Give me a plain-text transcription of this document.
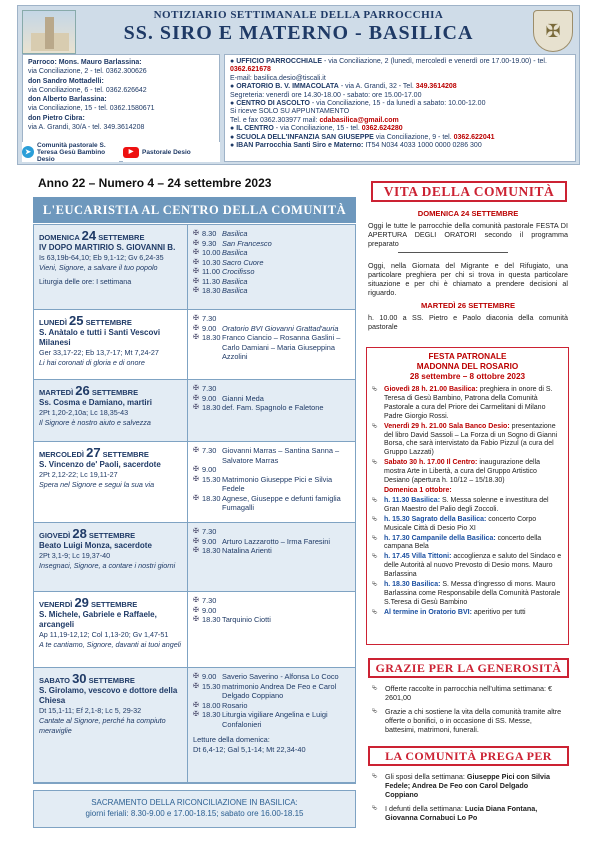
NOTIZIARIO SETTIMANALE DELLA PARROCCHIA
SS. SIRO E MATERNO - BASILICA	✠
Parroco: Mons. Mauro Barlassina:
via Conciliazione, 2 - tel. 0362.300626
don Sandro Mottadelli:
via Conciliazione, 6 - tel. 0362.626642
don Alberto Barlassina:
via Conciliazione, 15 - tel. 0362.1580671
don Pietro Cibra:
via A. Grandi, 30/A - tel. 349.3614208

● UFFICIO PARROCCHIALE - via Conciliazione, 2 (lunedì, mercoledì e venerdì ore 17.00-19.00) - tel. 0362.621678

E-mail: basilica.desio@tiscali.it

● ORATORIO B. V. IMMACOLATA - via A. Grandi, 32 - Tel. 349.3614208

Segreteria: venerdì ore 14.30-18.00 - sabato: ore 15.00-17.00

● CENTRO DI ASCOLTO - via Conciliazione, 15 - da lunedì a sabato: 10.00-12.00

Si riceve SOLO SU APPUNTAMENTO

Tel. e fax 0362.303977 mail: cdabasilica@gmail.com

● IL CENTRO - via Conciliazione, 15 - tel. 0362.624280

● SCUOLA DELL'INFANZIA SAN GIUSEPPE via Conciliazione, 9 - tel. 0362.622041

● IBAN Parrocchia Santi Siro e Materno: IT54 N034 4033 1000 0000 0286 300

➤
Comunità pastorale S. Teresa Gesù Bambino Desio
▶	Pastorale Desio
Anno 22 – Numero 4 – 24 settembre 2023
L'EUCARISTIA AL CENTRO DELLA COMUNITÀ
DOMENICA 24 SETTEMBRE
IV DOPO MARTIRIO S. GIOVANNI B.
Is 63,19b-64,10; Eb 9,1-12; Gv 6,24-35
Vieni, Signore, a salvare il tuo popolo
Liturgia delle ore: I settimana
✠ 8.30 Basilica
✠ 9.30 San Francesco
✠ 10.00 Basilica
✠ 10.30 Sacro Cuore
✠ 11.00 Crocifisso
✠ 11.30 Basilica
✠ 18.30 Basilica
LUNEDÌ 25 SETTEMBRE
S. Anàtalo e tutti i Santi Vescovi Milanesi
Ger 33,17-22; Eb 13,7-17; Mt 7,24-27
Li hai coronati di gloria e di onore
✠ 7.30
✠ 9.00 Oratorio BVI Giovanni Grattad'auria
✠ 18.30 Franco Ciancio – Rosanna Gaslini – Carlo Damiani – Maria Giuseppina Azzolini
MARTEDÌ 26 SETTEMBRE
Ss. Cosma e Damiano, martiri
2Pt 1,20-2,10a; Lc 18,35-43
Il Signore è nostro aiuto e salvezza
✠ 7.30
✠ 9.00 Gianni Meda
✠ 18.30 def. Fam. Spagnolo e Faletone
MERCOLEDÌ 27 SETTEMBRE
S. Vincenzo de' Paoli, sacerdote
2Pt 2,12-22; Lc 19,11-27
Spera nel Signore e segui la sua via
✠ 7.30 Giovanni Marras – Santina Sanna – Salvatore Marras
✠ 9.00
✠ 15.30 Matrimonio Giuseppe Pici e Silvia Fedele
✠ 18.30 Agnese, Giuseppe e defunti famiglia Fumagalli
GIOVEDÌ 28 SETTEMBRE
Beato Luigi Monza, sacerdote
2Pt 3,1-9; Lc 19,37-40
Insegnaci, Signore, a contare i nostri giorni
✠ 7.30
✠ 9.00 Arturo Lazzarotto – Irma Faresini
✠ 18.30 Natalina Arienti
VENERDÌ 29 SETTEMBRE
S. Michele, Gabriele e Raffaele, arcangeli
Ap 11,19-12,12; Col 1,13-20; Gv 1,47-51
A te cantiamo, Signore, davanti ai tuoi angeli
✠ 7.30
✠ 9.00
✠ 18.30 Tarquinio Ciotti
SABATO 30 SETTEMBRE
S. Girolamo, vescovo e dottore della Chiesa
Dt 15,1-11; Ef 2,1-8; Lc 5, 29-32
Cantate al Signore, perché ha compiuto meraviglie
✠ 9.00 Saverio Saverino - Alfonsa Lo Coco
✠ 15.30 matrimonio Andrea De Feo e Carol Delgado Coppiano
✠ 18.00 Rosario
✠ 18.30 Liturgia vigiliare Angelina e Luigi Confalonieri
Letture della domenica:
Dt 6,4-12; Gal 5,1-14; Mt 22,34-40
SACRAMENTO DELLA RICONCILIAZIONE IN BASILICA:
giorni feriali: 8.30-9.00 e 17.00-18.15; sabato ore 16.00-18.15
VITA DELLA COMUNITÀ
DOMENICA 24 SETTEMBRE

Oggi le tutte le parrocchie della comunità pastorale FESTA DI APERTURA DEGLI ORATORI secondo il programma preparato

Oggi, nella Giornata del Migrante e del Rifugiato, una particolare preghiera per chi si trova in questa particolare situazione e per chi è chiamato a prendere decisioni al riguardo.

MARTEDÌ 26 SETTEMBRE

h. 10.00 a SS. Pietro e Paolo diaconia della comunità pastorale

FESTA PATRONALE
MADONNA DEL ROSARIO
28 settembre – 8 ottobre 2023
⮱ Giovedì 28 h. 21.00 Basilica: preghiera in onore di S. Teresa di Gesù Bambino, Patrona della Comunità Pastorale a cura del Priore dei Carmelitani di Milano Padre Giorgio Rossi.
⮱ Venerdì 29 h. 21.00 Sala Banco Desio: presentazione del libro David Sassoli – La Forza di un Sogno di Gianni Borsa, che sarà intervistato da Fabio Pizzul (a cura del Gruppo Lazzati)
⮱ Sabato 30 h. 17.00 Il Centro: inaugurazione della mostra Arte in Libertà, a cura del Gruppo Artistico Desiano (apertura h. 10/12 – 15/18.30)
Domenica 1 ottobre:
⮱ h. 11.30 Basilica: S. Messa solenne e investitura del Gran Maestro del Palio degli Zoccoli.
⮱ h. 15.30 Sagrato della Basilica: concerto Corpo Musicale Città di Desio Pio XI
⮱ h. 17.30 Campanile della Basilica: concerto della campana Bela
⮱ h. 17.45 Villa Tittoni: accoglienza e saluto del Sindaco e delle Autorità al nuovo Prevosto di Desio mons. Mauro Barlassina
⮱ h. 18.30 Basilica: S. Messa d'ingresso di mons. Mauro Barlassina come Responsabile della Comunità Pastorale S.Teresa di Gesù Bambino
⮱ Al termine in Oratorio BVI: aperitivo per tutti
GRAZIE PER LA GENEROSITÀ
⮱ Offerte raccolte in parrocchia nell'ultima settimana: € 2601,00
⮱ Grazie a chi sostiene la vita della comunità tramite altre offerte o bonifici, o in occasione di SS. Messe, battesimi, matrimoni, funerali.
LA COMUNITÀ PREGA PER
⮱ Gli sposi della settimana: Giuseppe Pici con Silvia Fedele; Andrea De Feo con Carol Delgado Coppiano
⮱ I defunti della settimana: Lucia Diana Fontana, Giovanna Cornabuci Lo Po
